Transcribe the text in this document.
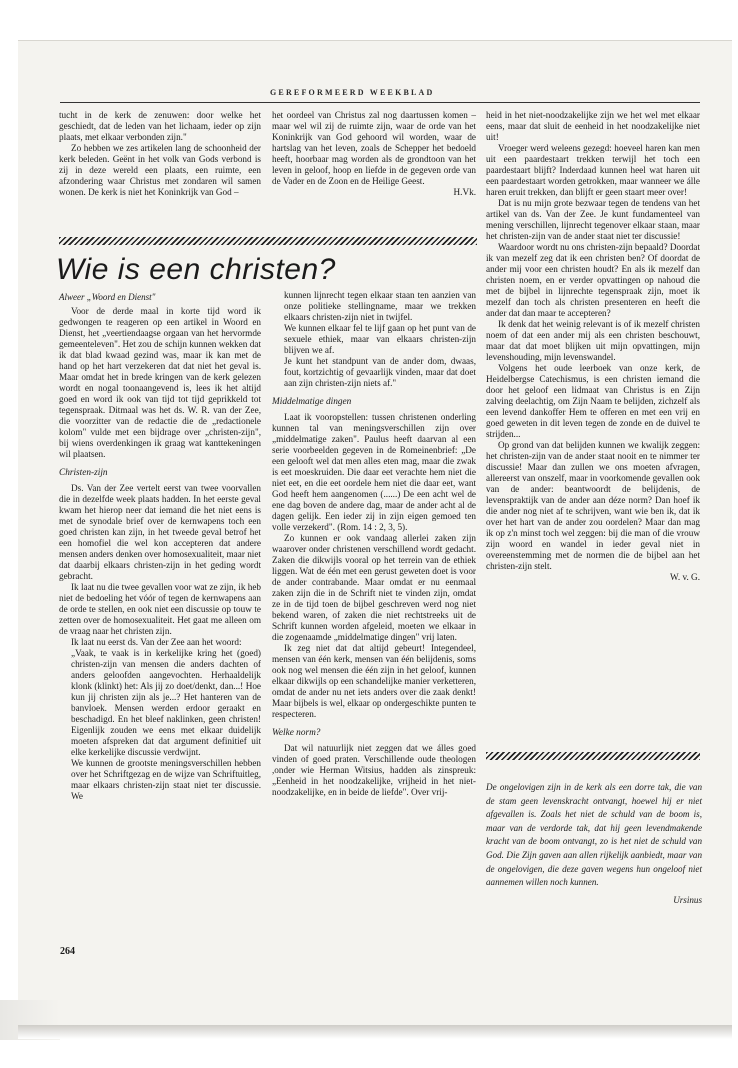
GEREFORMEERD WEEKBLAD

tucht in de kerk de zenuwen: door welke het geschiedt, dat de leden van het lichaam, ieder op zijn plaats, met elkaar verbonden zijn."

Zo hebben we zes artikelen lang de schoonheid der kerk beleden. Geënt in het volk van Gods verbond is zij in deze wereld een plaats, een ruimte, een afzondering waar Christus met zondaren wil samen wonen. De kerk is niet het Koninkrijk van God –

het oordeel van Christus zal nog daartussen komen – maar wel wil zij de ruimte zijn, waar de orde van het Koninkrijk van God gehoord wil worden, waar de hartslag van het leven, zoals de Schepper het bedoeld heeft, hoorbaar mag worden als de grondtoon van het leven in geloof, hoop en liefde in de gegeven orde van de Vader en de Zoon en de Heilige Geest.

H.Vk.

heid in het niet-noodzakelijke zijn we het wel met elkaar eens, maar dat sluit de eenheid in het noodzakelijke niet uit!

Vroeger werd weleens gezegd: hoeveel haren kan men uit een paardestaart trekken terwijl het toch een paardestaart blijft? Inderdaad kunnen heel wat haren uit een paardestaart worden getrokken, maar wanneer we álle haren eruit trekken, dan blijft er geen staart meer over!

Dat is nu mijn grote bezwaar tegen de tendens van het artikel van ds. Van der Zee. Je kunt fundamenteel van mening verschillen, lijnrecht tegenover elkaar staan, maar het christen-zijn van de ander staat niet ter discussie!

Waardoor wordt nu ons christen-zijn bepaald? Doordat ik van mezelf zeg dat ik een christen ben? Of doordat de ander mij voor een christen houdt? En als ik mezelf dan christen noem, en er verder opvattingen op nahoud die met de bijbel in lijnrechte tegenspraak zijn, moet ik mezelf dan toch als christen presenteren en heeft die ander dat dan maar te accepteren?

Ik denk dat het weinig relevant is of ik mezelf christen noem of dat een ander mij als een christen beschouwt, maar dat dat moet blijken uit mijn opvattingen, mijn levenshouding, mijn levenswandel.

Volgens het oude leerboek van onze kerk, de Heidelbergse Catechismus, is een christen iemand die door het geloof een lidmaat van Christus is en Zijn zalving deelachtig, om Zijn Naam te belijden, zichzelf als een levend dankoffer Hem te offeren en met een vrij en goed geweten in dit leven tegen de zonde en de duivel te strijden...

Op grond van dat belijden kunnen we kwalijk zeggen: het christen-zijn van de ander staat nooit en te nimmer ter discussie! Maar dan zullen we ons moeten afvragen, allereerst van onszelf, maar in voorkomende gevallen ook van de ander: beantwoordt de belijdenis, de levenspraktijk van de ander aan déze norm? Dan hoef ik die ander nog niet af te schrijven, want wie ben ik, dat ik over het hart van de ander zou oordelen? Maar dan mag ik op z'n minst toch wel zeggen: bij die man of die vrouw zijn woord en wandel in ieder geval niet in overeenstemming met de normen die de bijbel aan het christen-zijn stelt.

W. v. G.
Wie is een christen?
Alweer „Woord en Dienst"

Voor de derde maal in korte tijd word ik gedwongen te reageren op een artikel in Woord en Dienst, het „veertiendaagse orgaan van het hervormde gemeenteleven". Het zou de schijn kunnen wekken dat ik dat blad kwaad gezind was, maar ik kan met de hand op het hart verzekeren dat dat niet het geval is. Maar omdat het in brede kringen van de kerk gelezen wordt en nogal toonaangevend is, lees ik het altijd goed en word ik ook van tijd tot tijd geprikkeld tot tegenspraak. Ditmaal was het ds. W. R. van der Zee, die voorzitter van de redactie die de „redactionele kolom" vulde met een bijdrage over „christen-zijn", bij wiens overdenkingen ik graag wat kanttekeningen wil plaatsen.

Christen-zijn

Ds. Van der Zee vertelt eerst van twee voorvallen die in dezelfde week plaats hadden. In het eerste geval kwam het hierop neer dat iemand die het niet eens is met de synodale brief over de kernwapens toch een goed christen kan zijn, in het tweede geval betrof het een homofiel die wel kon accepteren dat andere mensen anders denken over homosexualiteit, maar niet dat daarbij elkaars christen-zijn in het geding wordt gebracht.

Ik laat nu die twee gevallen voor wat ze zijn, ik heb niet de bedoeling het vóór of tegen de kernwapens aan de orde te stellen, en ook niet een discussie op touw te zetten over de homosexualiteit. Het gaat me alleen om de vraag naar het christen zijn.

Ik laat nu eerst ds. Van der Zee aan het woord:

„Vaak, te vaak is in kerkelijke kring het (goed) christen-zijn van mensen die anders dachten of anders geloofden aangevochten. Herhaaldelijk klonk (klinkt) het: Als jij zo doet/denkt, dan...! Hoe kun jij christen zijn als je...? Het hanteren van de banvloek. Mensen werden erdoor geraakt en beschadigd. En het bleef naklinken, geen christen! Eigenlijk zouden we eens met elkaar duidelijk moeten afspreken dat dat argument definitief uit elke kerkelijke discussie verdwijnt.

We kunnen de grootste meningsverschillen hebben over het Schriftgezag en de wijze van Schriftuitleg, maar elkaars christen-zijn staat niet ter discussie. We

kunnen lijnrecht tegen elkaar staan ten aanzien van onze politieke stellingname, maar we trekken elkaars christen-zijn niet in twijfel.

We kunnen elkaar fel te lijf gaan op het punt van de sexuele ethiek, maar van elkaars christen-zijn blijven we af.

Je kunt het standpunt van de ander dom, dwaas, fout, kortzichtig of gevaarlijk vinden, maar dat doet aan zijn christen-zijn niets af."

Middelmatige dingen

Laat ik vooropstellen: tussen christenen onderling kunnen tal van meningsverschillen zijn over „middelmatige zaken". Paulus heeft daarvan al een serie voorbeelden gegeven in de Romeinenbrief: „De een gelooft wel dat men alles eten mag, maar die zwak is eet moeskruiden. Die daar eet verachte hem niet die niet eet, en die eet oordele hem niet die daar eet, want God heeft hem aangenomen (......) De een acht wel de ene dag boven de andere dag, maar de ander acht al de dagen gelijk. Een ieder zij in zijn eigen gemoed ten volle verzekerd". (Rom. 14 : 2, 3, 5).

Zo kunnen er ook vandaag allerlei zaken zijn waarover onder christenen verschillend wordt gedacht. Zaken die dikwijls vooral op het terrein van de ethiek liggen. Wat de één met een gerust geweten doet is voor de ander contrabande. Maar omdat er nu eenmaal zaken zijn die in de Schrift niet te vinden zijn, omdat ze in de tijd toen de bijbel geschreven werd nog niet bekend waren, of zaken die niet rechtstreeks uit de Schrift kunnen worden afgeleid, moeten we elkaar in die zogenaamde „middelmatige dingen" vrij laten.

Ik zeg niet dat dat altijd gebeurt! Integendeel, mensen van één kerk, mensen van één belijdenis, soms ook nog wel mensen die één zijn in het geloof, kunnen elkaar dikwijls op een schandelijke manier verketteren, omdat de ander nu net iets anders over die zaak denkt! Maar bijbels is wel, elkaar op ondergeschikte punten te respecteren.

Welke norm?

Dat wil natuurlijk niet zeggen dat we álles goed vinden of goed praten. Verschillende oude theologen ,onder wie Herman Witsius, hadden als zinspreuk: „Eenheid in het noodzakelijke, vrijheid in het niet-noodzakelijke, en in beide de liefde". Over vrij-	De ongelovigen zijn in de kerk als een dorre tak, die van de stam geen levenskracht ontvangt, hoewel hij er niet afgevallen is. Zoals het niet de schuld van de boom is, maar van de verdorde tak, dat hij geen levendmakende kracht van de boom ontvangt, zo is het niet de schuld van God. Die Zijn gaven aan allen rijkelijk aanbiedt, maar van de ongelovigen, die deze gaven wegens hun ongeloof niet aannemen willen noch kunnen.
Ursinus
264
